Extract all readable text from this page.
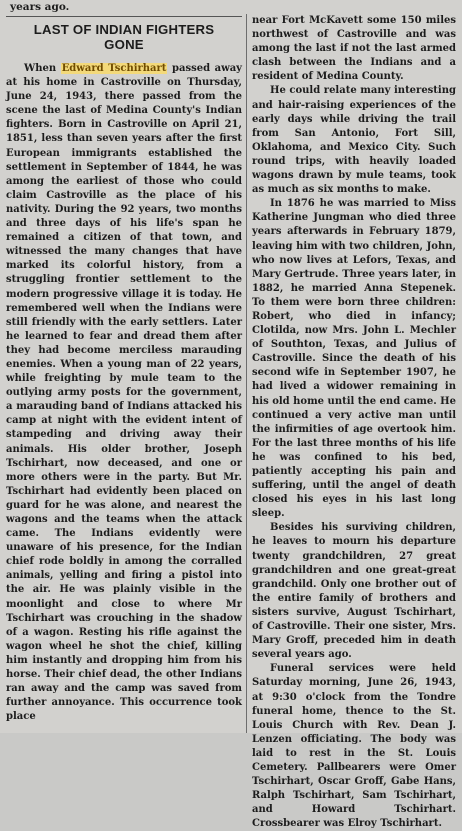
years ago.
LAST OF INDIAN FIGHTERS
GONE

When Edward Tschirhart passed away at his home in Castroville on Thursday, June 24, 1943, there passed from the scene the last of Medina County's Indian fighters. Born in Castroville on April 21, 1851, less than seven years after the first European immigrants established the settlement in September of 1844, he was among the earliest of those who could claim Castroville as the place of his nativity. During the 92 years, two months and three days of his life's span he remained a citizen of that town, and witnessed the many changes that have marked its colorful history, from a struggling frontier settlement to the modern progressive village it is today. He remembered well when the Indians were still friendly with the early settlers. Later he learned to fear and dread them after they had become merciless marauding enemies. When a young man of 22 years, while freighting by mule team to the outlying army posts for the government, a marauding band of Indians attacked his camp at night with the evident intent of stampeding and driving away their animals. His older brother, Joseph Tschirhart, now deceased, and one or more others were in the party. But Mr. Tschirhart had evidently been placed on guard for he was alone, and nearest the wagons and the teams when the attack came. The Indians evidently were unaware of his presence, for the Indian chief rode boldly in among the corralled animals, yelling and firing a pistol into the air. He was plainly visible in the moonlight and close to where Mr Tschirhart was crouching in the shadow of a wagon. Resting his rifle against the wagon wheel he shot the chief, killing him instantly and dropping him from his horse. Their chief dead, the other Indians ran away and the camp was saved from further annoyance. This occurrence took place

near Fort McKavett some 150 miles northwest of Castroville and was among the last if not the last armed clash between the Indians and a resident of Medina County.

He could relate many interesting and hair-raising experiences of the early days while driving the trail from San Antonio, Fort Sill, Oklahoma, and Mexico City. Such round trips, with heavily loaded wagons drawn by mule teams, took as much as six months to make.

In 1876 he was married to Miss Katherine Jungman who died three years afterwards in February 1879, leaving him with two children, John, who now lives at Lefors, Texas, and Mary Gertrude. Three years later, in 1882, he married Anna Stepenek. To them were born three children: Robert, who died in infancy; Clotilda, now Mrs. John L. Mechler of Southton, Texas, and Julius of Castroville. Since the death of his second wife in September 1907, he had lived a widower remaining in his old home until the end came. He continued a very active man until the infirmities of age overtook him. For the last three months of his life he was confined to his bed, patiently accepting his pain and suffering, until the angel of death closed his eyes in his last long sleep.

Besides his surviving children, he leaves to mourn his departure twenty grandchildren, 27 great grandchildren and one great-great grandchild. Only one brother out of the entire family of brothers and sisters survive, August Tschirhart, of Castroville. Their one sister, Mrs. Mary Groff, preceded him in death several years ago.

Funeral services were held Saturday morning, June 26, 1943, at 9:30 o'clock from the Tondre funeral home, thence to the St. Louis Church with Rev. Dean J. Lenzen officiating. The body was laid to rest in the St. Louis Cemetery. Pallbearers were Omer Tschirhart, Oscar Groff, Gabe Hans, Ralph Tschirhart, Sam Tschirhart, and Howard Tschirhart. Crossbearer was Elroy Tschirhart.
